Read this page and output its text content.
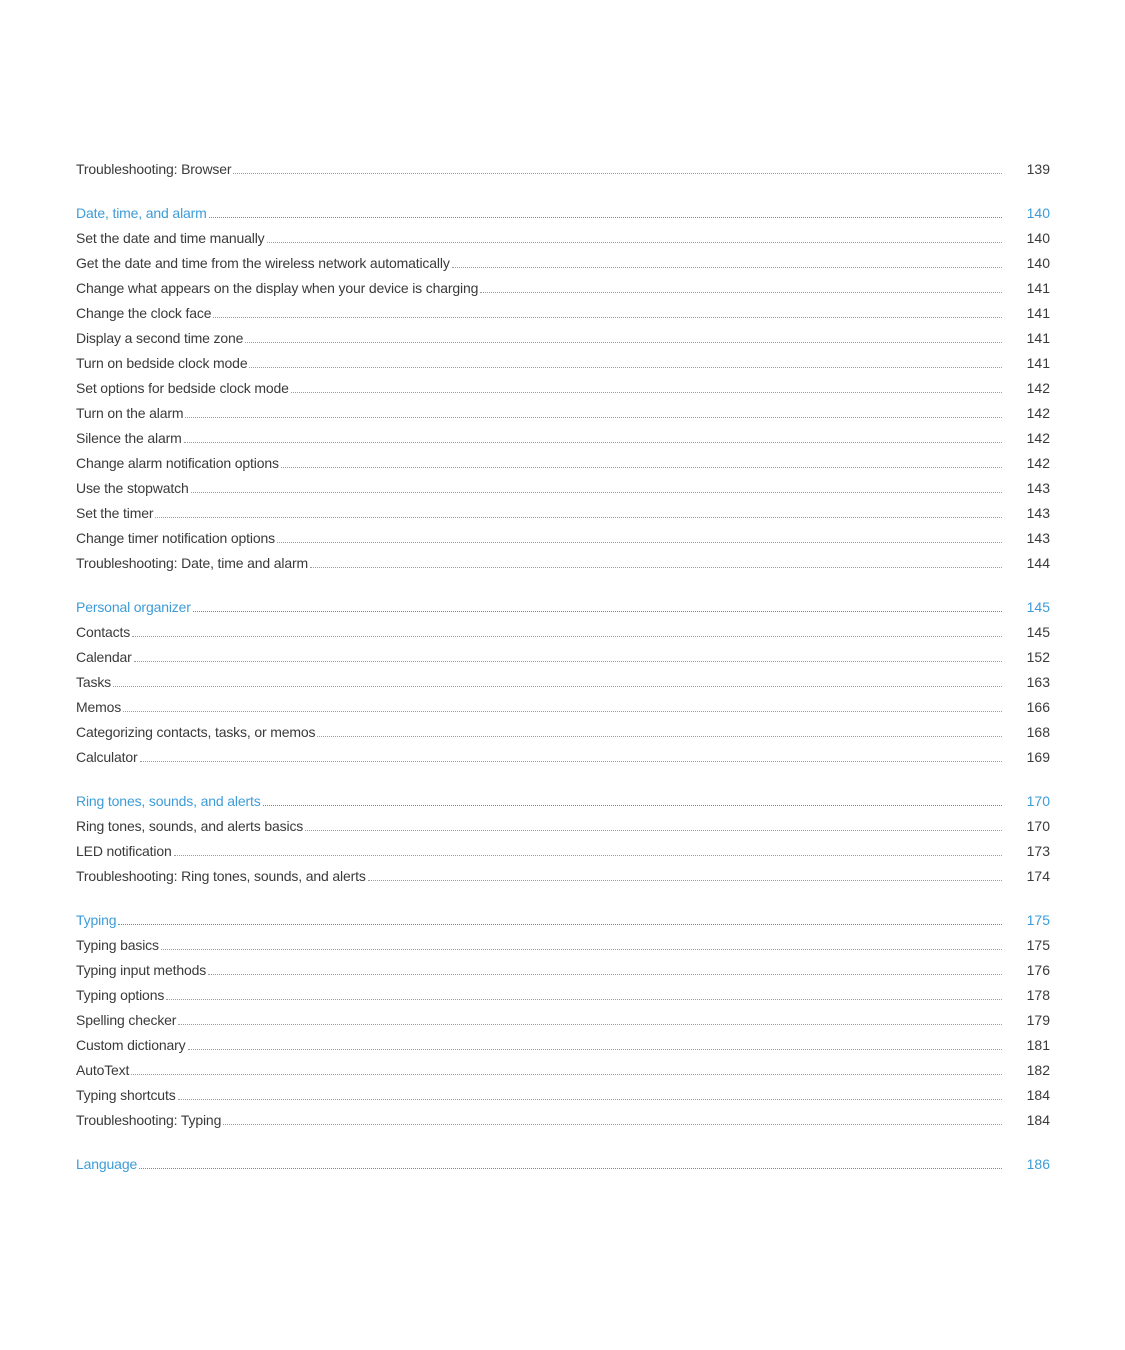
Troubleshooting: Browser	139
Date, time, and alarm	140
Set the date and time manually	140
Get the date and time from the wireless network automatically	140
Change what appears on the display when your device is charging	141
Change the clock face	141
Display a second time zone	141
Turn on bedside clock mode	141
Set options for bedside clock mode	142
Turn on the alarm	142
Silence the alarm	142
Change alarm notification options	142
Use the stopwatch	143
Set the timer	143
Change timer notification options	143
Troubleshooting: Date, time and alarm	144
Personal organizer	145
Contacts	145
Calendar	152
Tasks	163
Memos	166
Categorizing contacts, tasks, or memos	168
Calculator	169
Ring tones, sounds, and alerts	170
Ring tones, sounds, and alerts basics	170
LED notification	173
Troubleshooting: Ring tones, sounds, and alerts	174
Typing	175
Typing basics	175
Typing input methods	176
Typing options	178
Spelling checker	179
Custom dictionary	181
AutoText	182
Typing shortcuts	184
Troubleshooting: Typing	184
Language	186
